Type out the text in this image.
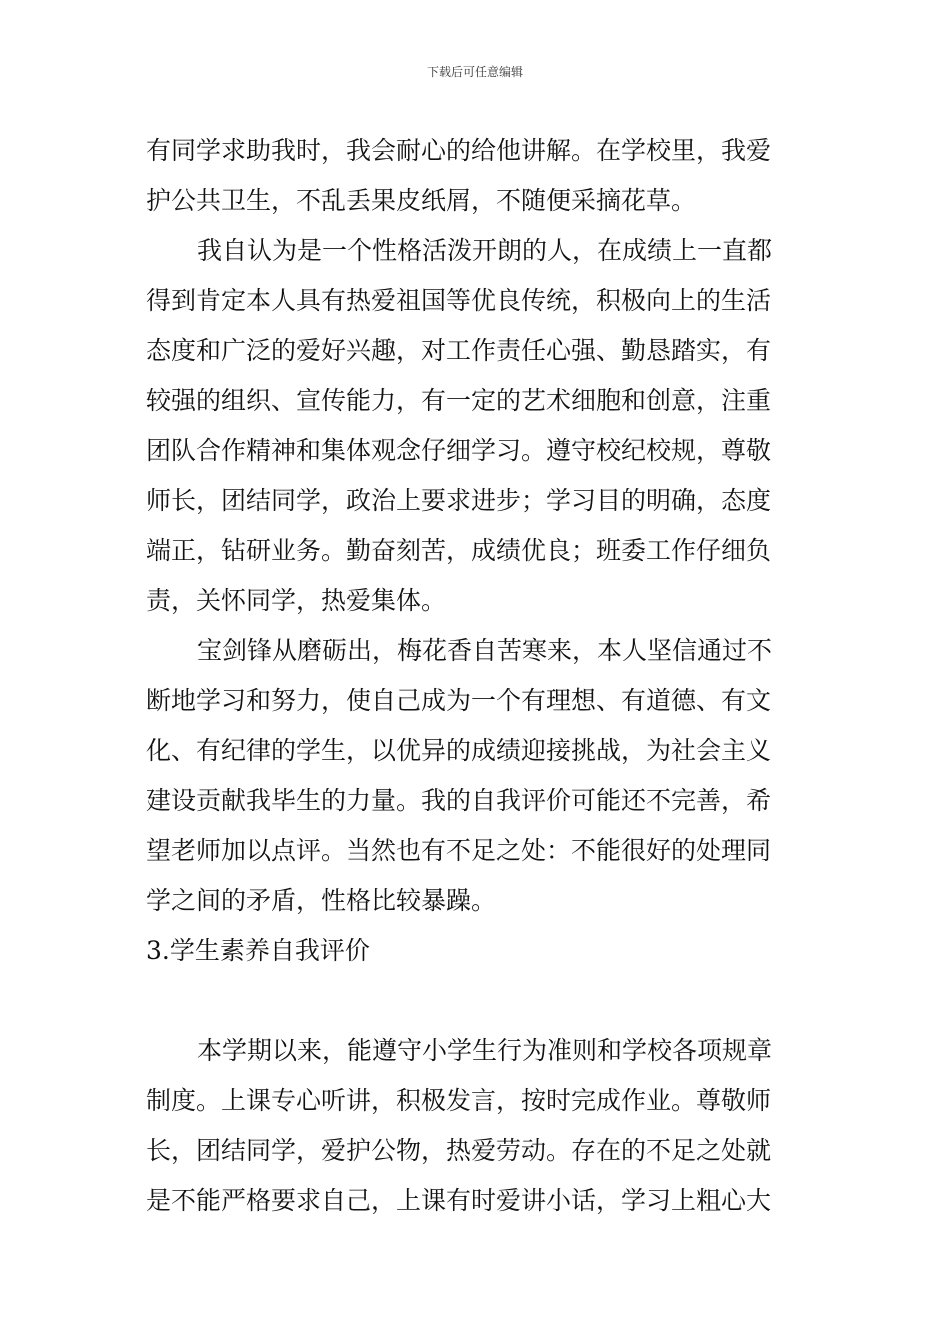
下载后可任意编辑
有同学求助我时，我会耐心的给他讲解。在学校里，我爱
护公共卫生，不乱丢果皮纸屑，不随便采摘花草。
我自认为是一个性格活泼开朗的人，在成绩上一直都
得到肯定本人具有热爱祖国等优良传统，积极向上的生活
态度和广泛的爱好兴趣，对工作责任心强、勤恳踏实，有
较强的组织、宣传能力，有一定的艺术细胞和创意，注重
团队合作精神和集体观念仔细学习。遵守校纪校规，尊敬
师长，团结同学，政治上要求进步；学习目的明确，态度
端正，钻研业务。勤奋刻苦，成绩优良；班委工作仔细负
责，关怀同学，热爱集体。
宝剑锋从磨砺出，梅花香自苦寒来，本人坚信通过不
断地学习和努力，使自己成为一个有理想、有道德、有文
化、有纪律的学生，以优异的成绩迎接挑战，为社会主义
建设贡献我毕生的力量。我的自我评价可能还不完善，希
望老师加以点评。当然也有不足之处：不能很好的处理同
学之间的矛盾，性格比较暴躁。
3.学生素养自我评价
本学期以来，能遵守小学生行为准则和学校各项规章
制度。上课专心听讲，积极发言，按时完成作业。尊敬师
长，团结同学，爱护公物，热爱劳动。存在的不足之处就
是不能严格要求自己，上课有时爱讲小话，学习上粗心大
